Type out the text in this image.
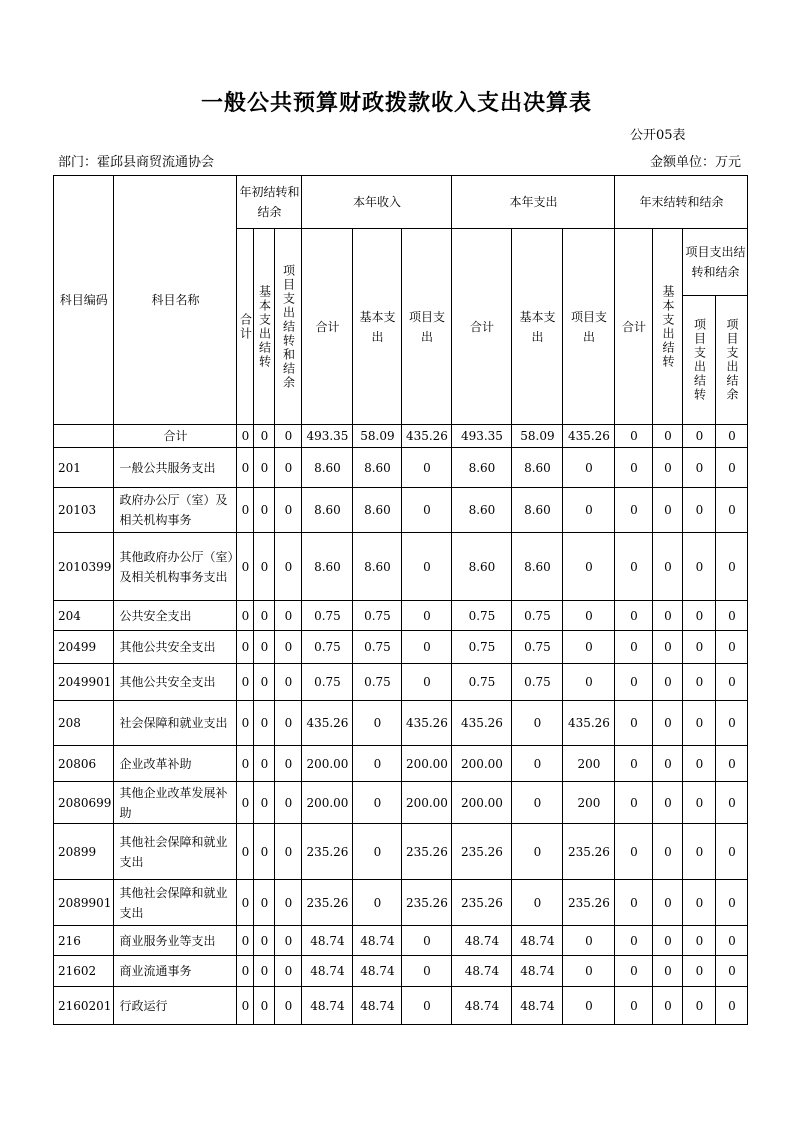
一般公共预算财政拨款收入支出决算表
公开05表
部门：霍邱县商贸流通协会	金额单位：万元
科目编码	科目名称	年初结转和结余			本年收入			本年支出			年末结转和结余			

		合计	基本支出结转	项目支出结转和结余	合计	基本支出	项目支出	合计	基本支出	项目支出	合计	基本支出结转	项目支出结转和结余	

													项目支出结转	项目支出结余

	合计	0	0	0	493.35	58.09	435.26	493.35	58.09	435.26	0	0	0	0
201	一般公共服务支出	0	0	0	8.60	8.60	0	8.60	8.60	0	0	0	0	0
20103	政府办公厅（室）及相关机构事务	0	0	0	8.60	8.60	0	8.60	8.60	0	0	0	0	0
2010399	其他政府办公厅（室）及相关机构事务支出	0	0	0	8.60	8.60	0	8.60	8.60	0	0	0	0	0
204	公共安全支出	0	0	0	0.75	0.75	0	0.75	0.75	0	0	0	0	0
20499	其他公共安全支出	0	0	0	0.75	0.75	0	0.75	0.75	0	0	0	0	0
2049901	其他公共安全支出	0	0	0	0.75	0.75	0	0.75	0.75	0	0	0	0	0
208	社会保障和就业支出	0	0	0	435.26	0	435.26	435.26	0	435.26	0	0	0	0
20806	企业改革补助	0	0	0	200.00	0	200.00	200.00	0	200	0	0	0	0
2080699	其他企业改革发展补助	0	0	0	200.00	0	200.00	200.00	0	200	0	0	0	0
20899	其他社会保障和就业支出	0	0	0	235.26	0	235.26	235.26	0	235.26	0	0	0	0
2089901	其他社会保障和就业支出	0	0	0	235.26	0	235.26	235.26	0	235.26	0	0	0	0
216	商业服务业等支出	0	0	0	48.74	48.74	0	48.74	48.74	0	0	0	0	0
21602	商业流通事务	0	0	0	48.74	48.74	0	48.74	48.74	0	0	0	0	0
2160201	行政运行	0	0	0	48.74	48.74	0	48.74	48.74	0	0	0	0	0
